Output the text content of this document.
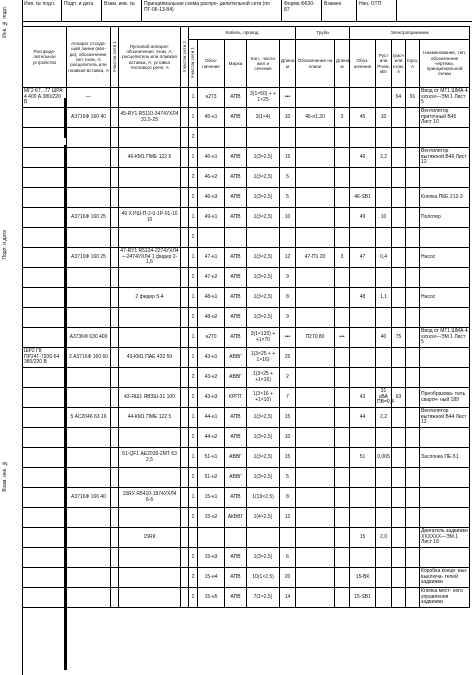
Инв. № подл.
Подп. и дата
Взам. инв. №
Инв. № подл.	Подп. и дата	Взам. инв. №	Принципиальная схема распре- делительной сети (по ПГ-06-13-84)
Форма Ф630-87
Взамен	Нач. ОТП
Распреде- лительное устройство	Аппарат отходя- щей линии (вво- да); обозначение; тип; Iном, А; расцепитель или плавкая вставка, А	Участок сети 1	Пусковой аппарат: обозначение; Iном, А; расцепитель или плавкая вставка, А; уставка теплового реле, А	Участок сети 2	Кабель, провод					Труба		Электроприемник				
					Участок сети 1	Обоз- начение	Марка	Кол., число жил и сечение	Длина, м	Обозначение на плане	Длина, м	Обоз- начение	Pуст или Pном, кВт	Iрасч или Iном, А	Iпуск, А	Наименование, тип, обозначение чертежа, принципиальной схемы
МГ2 67...77 ШРА 4 400 А 380/220 В	—				1	н273	АПВ	3(1×50) + + 1×25	•••					64	91	Ввод от МГ1 ШМА 4 хххххх—ЭМ.1 Лист 5
	А3716Ф 160 40		45-RУ1 R5110-3474УХЛ4 31,5-25		1	45-н1	АПВ	3(1×4)	10	46-п1.20	3	45	10			Вентилятор приточный В45 Лист 10
					2											
			46-КМ1 ПМЕ 122 6		1	46-н1	АПВ	1(3×2,5)	15			46	2,2			Вентилятор вытяжной В46 Лист 12
					2	46-н2	АПВ	1(3×2,5)	5							
					2	46-н3	АПВ	1(3×2,5)	5			46-SB1				Кнопка ПКЕ 212-3
	А3716Ф 160 25		49 X РШ-П-2-0-1Р-01-10 10		1	49-н1	АПВ	1(3×2,5)	10			49	10			Полотер
					2											
	А3710Ф 160 25		47-RУ1 R5124-2274УХЛ4 —2474УХЛ4 1 фидер 2-1,6		1	47-н1	АПВ	1(3×2,5)	12	47-П1 20	3	47	0,4			Насос
					2	47-н2	АПВ	1(3×2,5)	9							
			2 фидер 5-4		1	48-н1	АПВ	1(3×2,5)	8			48	1,1			Насос
					2	48-н2	АПВ	1(3×2,5)	9							
	А3736Ф 630 400				1	н270	АПВ	3(1×120) + +1×70	•••	П270.80	•••		40	75		Ввод от МГ1 ШМА 4 хххххх—ЭМ.1 Лист 5
ШР2 Г8 ПР24Г-7206-54 380/220 В	2 А3716Ф 160 60		43-КМ1 ПАЕ 432 50		1	43-н1	АВВГ	1(3×25 + + 1×16)	25							
					2	43-н2	АВВГ	1(3×25 + +1×16)	2							
			43-ЯШ1 ЯВЗШ-31 100		2	43-н3	КРПТ	1(3×16 + +1×10)	7			43	31 кВА ПВ=0,4	63		Преобразова- тель свароч- ный 189
	5 АС2046 63 16		44-КМ1 ПМЕ 122 5		1	44-н1	АПВ	1(3×2,5)	15			44	2,2			Вентилятор вытяжной В44 Лист 12
					2	44-н2	АПВ	1(3×2,5)	10							
			51-QF1 АЕ2036-2МТ 63 2,5		1	51-н1	АВВГ	1(3×2,5)	15			51	0,065			Заслонка ПЕ-51
					2	51-н2	АВВГ	1(3×2,5)	5							
	А3716Ф 160 40		15RУ R5410-1874УХЛ4 6-6		1	15-н1	АПВ	1(19×2,5)	8							
					2	15-н2	АКВВГ	1(4×2,5)	12							
			15RК									15	2,0			Двигатель задвижки ХХХХХХ—ЭМ.1 Лист 18
					2	15-н3	АПВ	1(3×2,5)	6							
					2	15-н4	АПВ	10(1×2,5)	20			15-ВК				Коробка конце- вых выключа- телей задвижки
					2	15-н5	АПВ	7(1×2,5)	14			15-SB1				Кнопка мест- ного управления задвижки
